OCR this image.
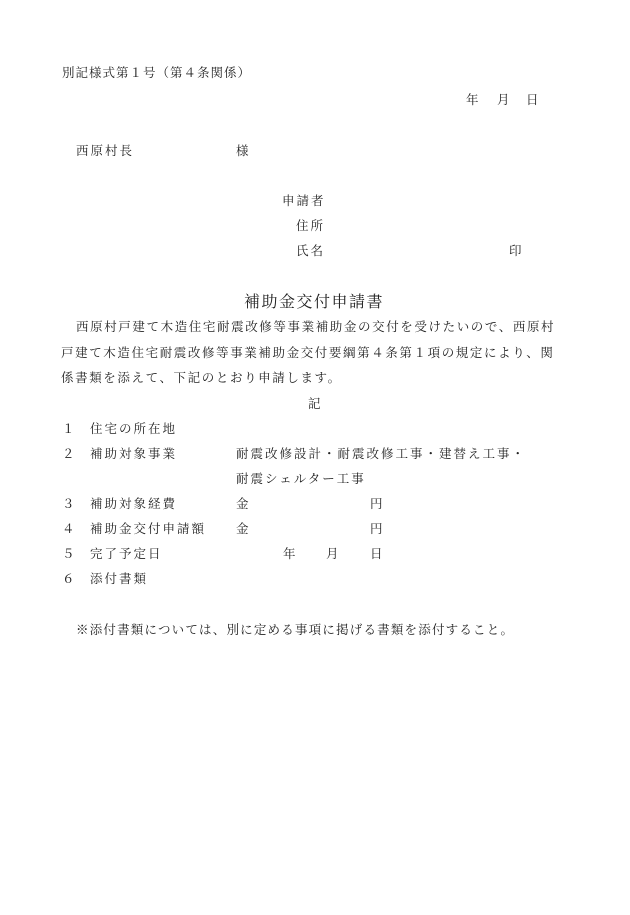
別記様式第１号（第４条関係）
年 月 日
西原村長	様
申請者
住所
氏名	印
補助金交付申請書
西原村戸建て木造住宅耐震改修等事業補助金の交付を受けたいので、西原村
戸建て木造住宅耐震改修等事業補助金交付要綱第４条第１項の規定により、関
係書類を添えて、下記のとおり申請します。
記
１ 住宅の所在地
２ 補助対象事業	耐震改修設計・耐震改修工事・建替え工事・
耐震シェルター工事
３ 補助対象経費	金	円
４ 補助金交付申請額 金	円
５ 完了予定日	年 月	日
６ 添付書類
※添付書類については、別に定める事項に掲げる書類を添付すること。
